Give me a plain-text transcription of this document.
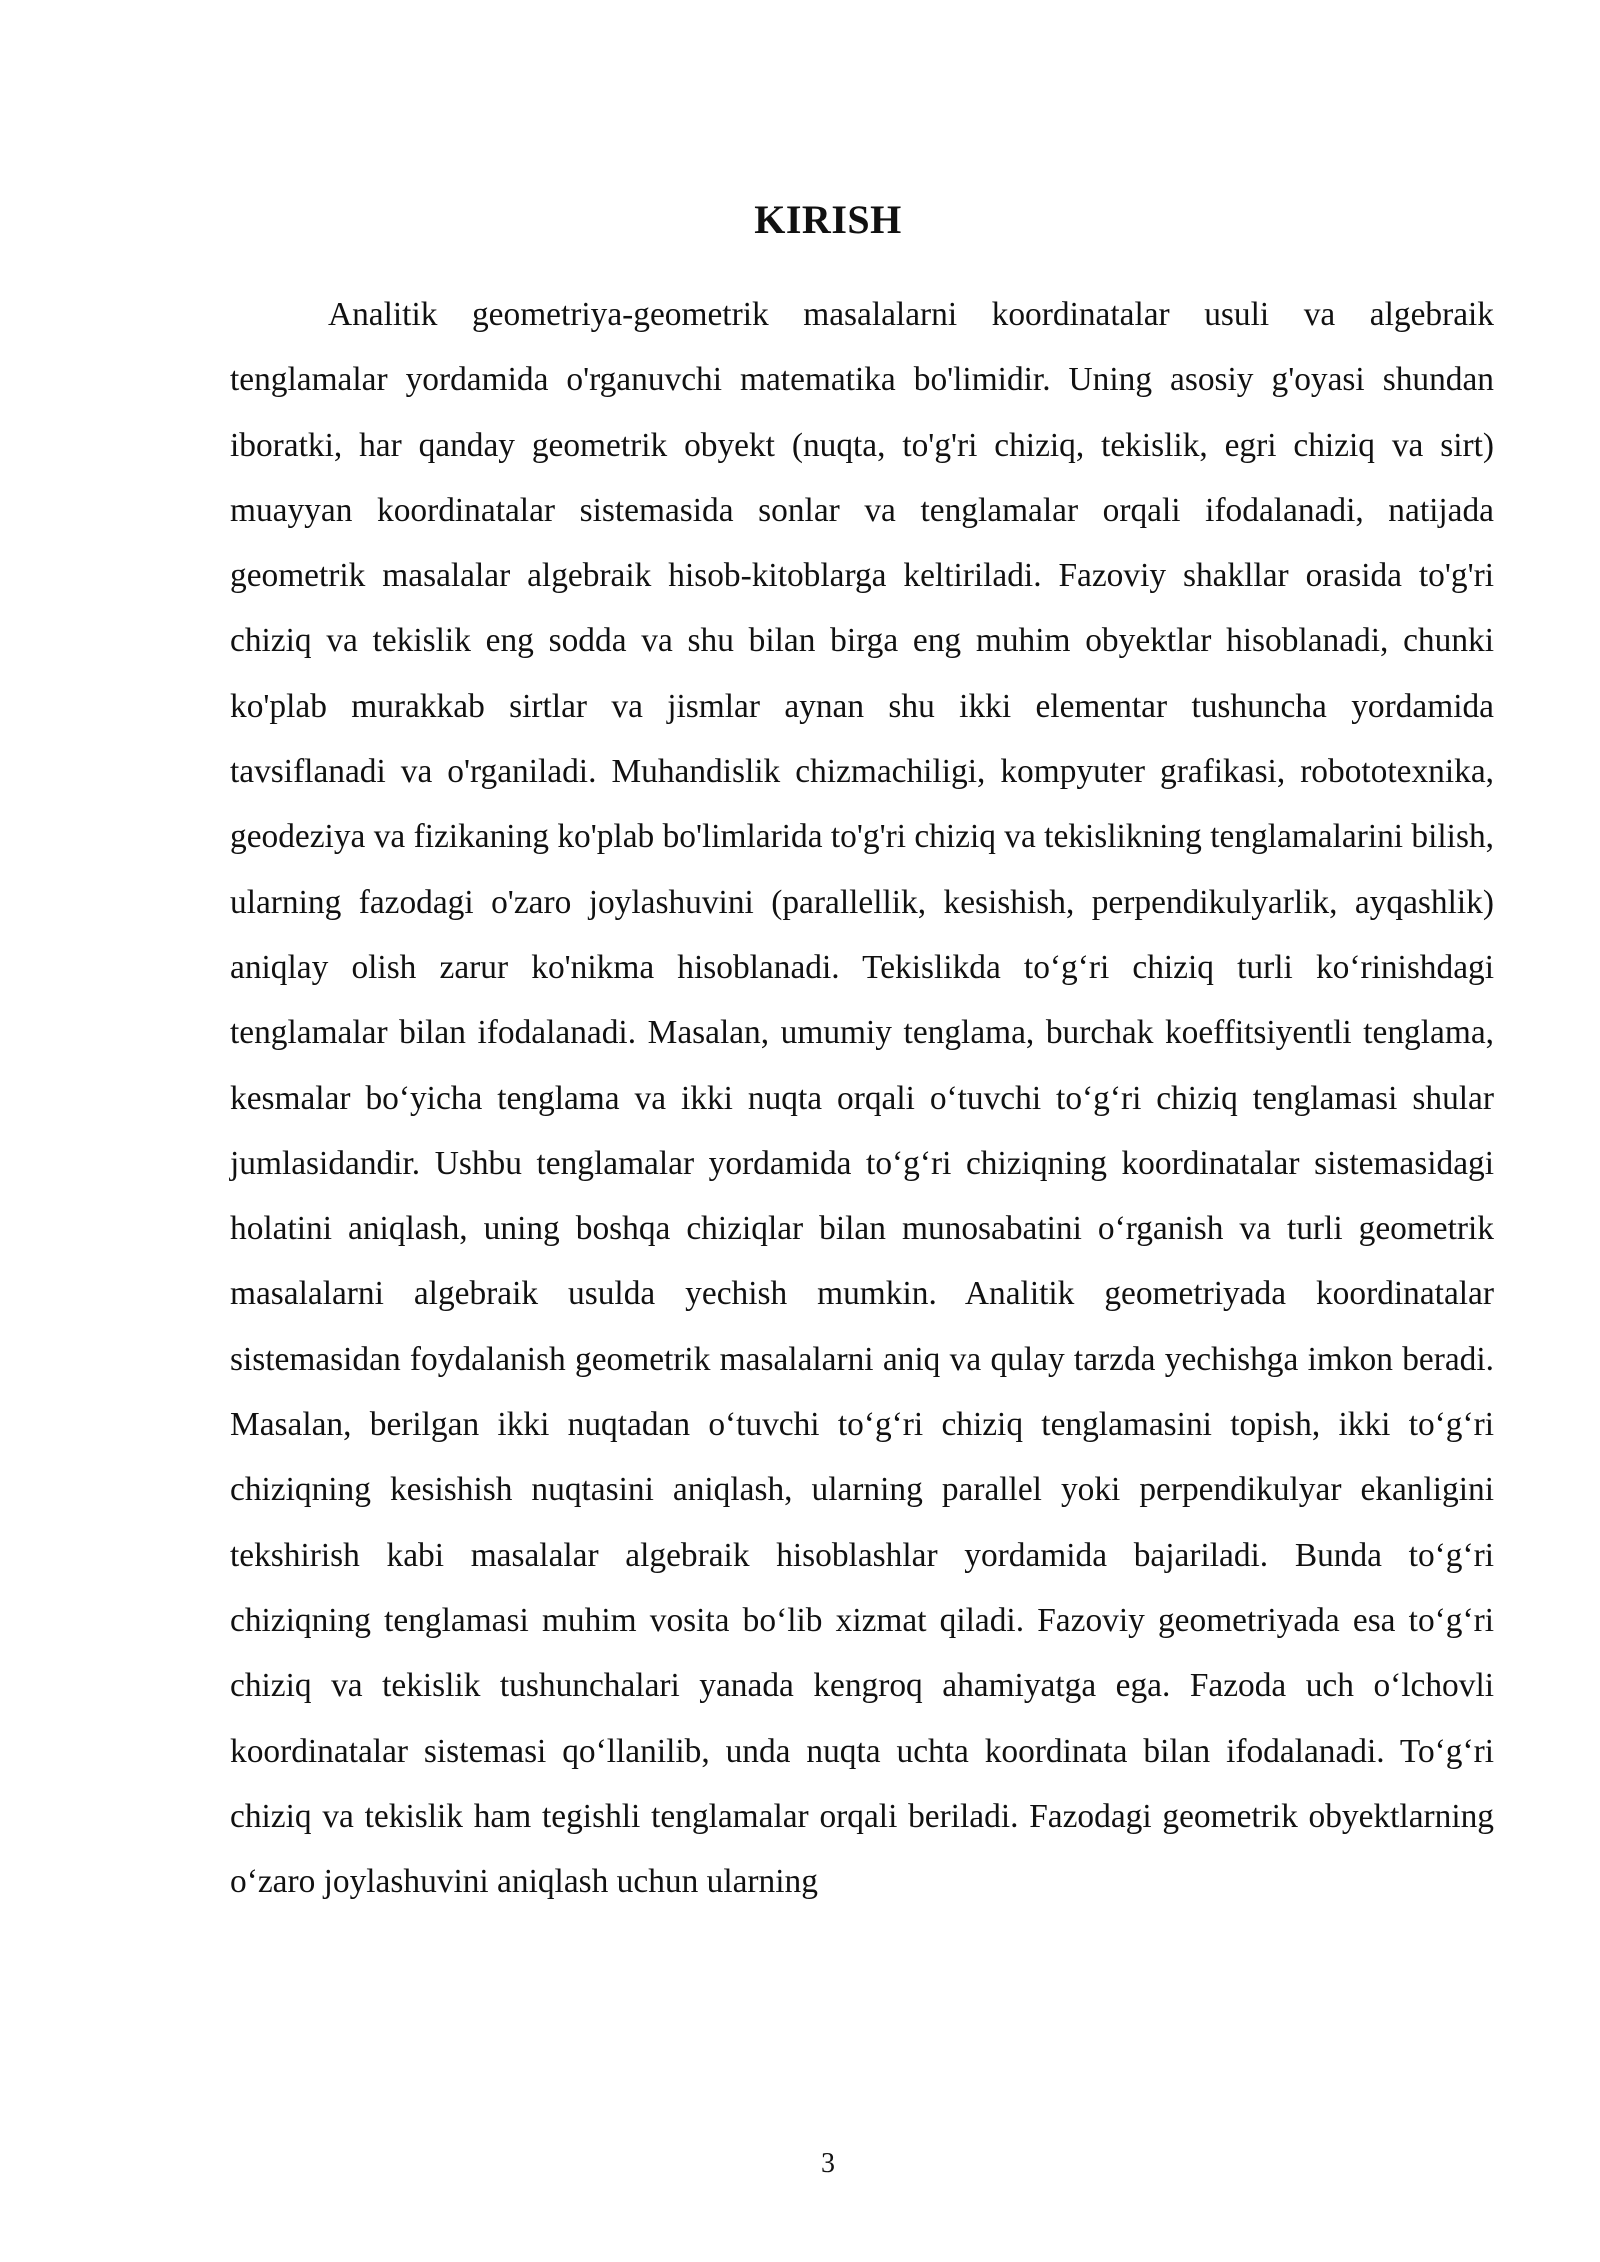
KIRISH

Analitik geometriya-geometrik masalalarni koordinatalar usuli va algebraik tenglamalar yordamida o'rganuvchi matematika bo'limidir. Uning asosiy g'oyasi shundan iboratki, har qanday geometrik obyekt (nuqta, to'g'ri chiziq, tekislik, egri chiziq va sirt) muayyan koordinatalar sistemasida sonlar va tenglamalar orqali ifodalanadi, natijada geometrik masalalar algebraik hisob-kitoblarga keltiriladi. Fazoviy shakllar orasida to'g'ri chiziq va tekislik eng sodda va shu bilan birga eng muhim obyektlar hisoblanadi, chunki ko'plab murakkab sirtlar va jismlar aynan shu ikki elementar tushuncha yordamida tavsiflanadi va o'rganiladi. Muhandislik chizmachiligi, kompyuter grafikasi, robototexnika, geodeziya va fizikaning ko'plab bo'limlarida to'g'ri chiziq va tekislikning tenglamalarini bilish, ularning fazodagi o'zaro joylashuvini (parallellik, kesishish, perpendikulyarlik, ayqashlik) aniqlay olish zarur ko'nikma hisoblanadi. Tekislikda to‘g‘ri chiziq turli ko‘rinishdagi tenglamalar bilan ifodalanadi. Masalan, umumiy tenglama, burchak koeffitsiyentli tenglama, kesmalar bo‘yicha tenglama va ikki nuqta orqali o‘tuvchi to‘g‘ri chiziq tenglamasi shular jumlasidandir. Ushbu tenglamalar yordamida to‘g‘ri chiziqning koordinatalar sistemasidagi holatini aniqlash, uning boshqa chiziqlar bilan munosabatini o‘rganish va turli geometrik masalalarni algebraik usulda yechish mumkin. Analitik geometriyada koordinatalar sistemasidan foydalanish geometrik masalalarni aniq va qulay tarzda yechishga imkon beradi. Masalan, berilgan ikki nuqtadan o‘tuvchi to‘g‘ri chiziq tenglamasini topish, ikki to‘g‘ri chiziqning kesishish nuqtasini aniqlash, ularning parallel yoki perpendikulyar ekanligini tekshirish kabi masalalar algebraik hisoblashlar yordamida bajariladi. Bunda to‘g‘ri chiziqning tenglamasi muhim vosita bo‘lib xizmat qiladi. Fazoviy geometriyada esa to‘g‘ri chiziq va tekislik tushunchalari yanada kengroq ahamiyatga ega. Fazoda uch o‘lchovli koordinatalar sistemasi qo‘llanilib, unda nuqta uchta koordinata bilan ifodalanadi. To‘g‘ri chiziq va tekislik ham tegishli tenglamalar orqali beriladi. Fazodagi geometrik obyektlarning o‘zaro joylashuvini aniqlash uchun ularning

3
